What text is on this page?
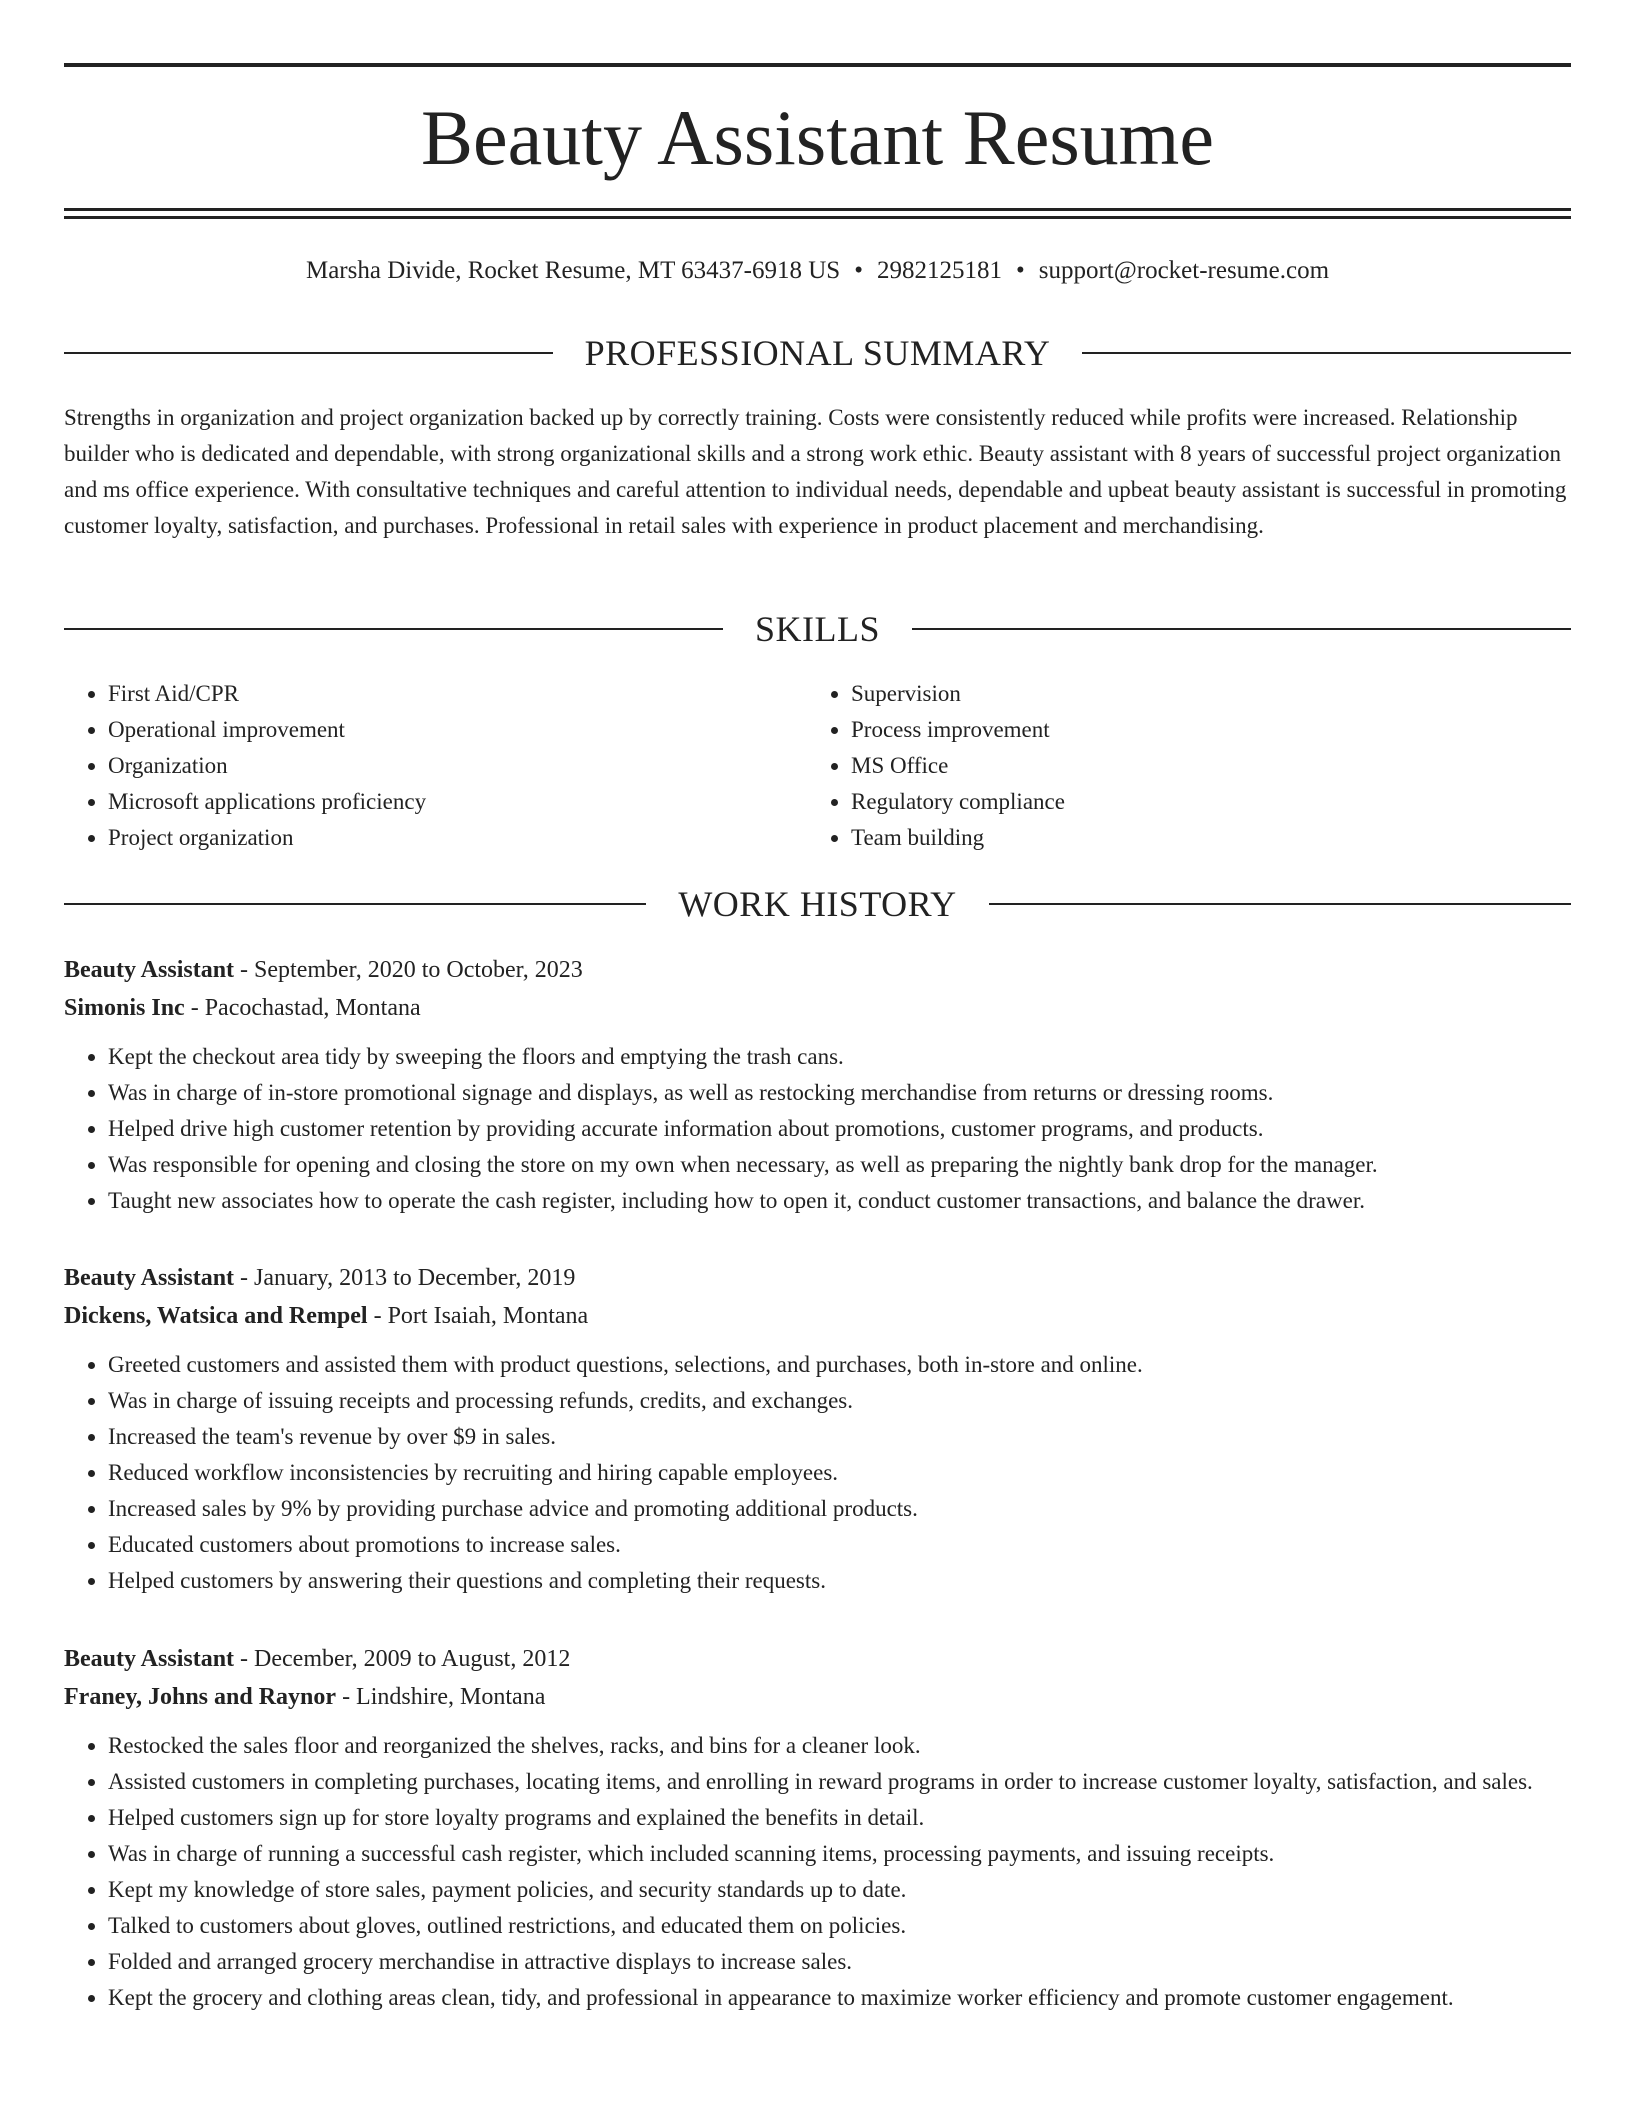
Beauty Assistant Resume
Marsha Divide, Rocket Resume, MT 63437-6918 US • 2982125181 • support@rocket-resume.com
PROFESSIONAL SUMMARY

Strengths in organization and project organization backed up by correctly training. Costs were consistently reduced while profits were increased. Relationship builder who is dedicated and dependable, with strong organizational skills and a strong work ethic. Beauty assistant with 8 years of successful project organization and ms office experience. With consultative techniques and careful attention to individual needs, dependable and upbeat beauty assistant is successful in promoting customer loyalty, satisfaction, and purchases. Professional in retail sales with experience in product placement and merchandising.

SKILLS
• First Aid/CPR
• Operational improvement
• Organization
• Microsoft applications proficiency
• Project organization
• Supervision
• Process improvement
• MS Office
• Regulatory compliance
• Team building
WORK HISTORY

Beauty Assistant - September, 2020 to October, 2023

Simonis Inc - Pacochastad, Montana

• Kept the checkout area tidy by sweeping the floors and emptying the trash cans.
• Was in charge of in-store promotional signage and displays, as well as restocking merchandise from returns or dressing rooms.
• Helped drive high customer retention by providing accurate information about promotions, customer programs, and products.
• Was responsible for opening and closing the store on my own when necessary, as well as preparing the nightly bank drop for the manager.
• Taught new associates how to operate the cash register, including how to open it, conduct customer transactions, and balance the drawer.

Beauty Assistant - January, 2013 to December, 2019

Dickens, Watsica and Rempel - Port Isaiah, Montana

• Greeted customers and assisted them with product questions, selections, and purchases, both in-store and online.
• Was in charge of issuing receipts and processing refunds, credits, and exchanges.
• Increased the team's revenue by over $9 in sales.
• Reduced workflow inconsistencies by recruiting and hiring capable employees.
• Increased sales by 9% by providing purchase advice and promoting additional products.
• Educated customers about promotions to increase sales.
• Helped customers by answering their questions and completing their requests.

Beauty Assistant - December, 2009 to August, 2012

Franey, Johns and Raynor - Lindshire, Montana

• Restocked the sales floor and reorganized the shelves, racks, and bins for a cleaner look.
• Assisted customers in completing purchases, locating items, and enrolling in reward programs in order to increase customer loyalty, satisfaction, and sales.
• Helped customers sign up for store loyalty programs and explained the benefits in detail.
• Was in charge of running a successful cash register, which included scanning items, processing payments, and issuing receipts.
• Kept my knowledge of store sales, payment policies, and security standards up to date.
• Talked to customers about gloves, outlined restrictions, and educated them on policies.
• Folded and arranged grocery merchandise in attractive displays to increase sales.
• Kept the grocery and clothing areas clean, tidy, and professional in appearance to maximize worker efficiency and promote customer engagement.
